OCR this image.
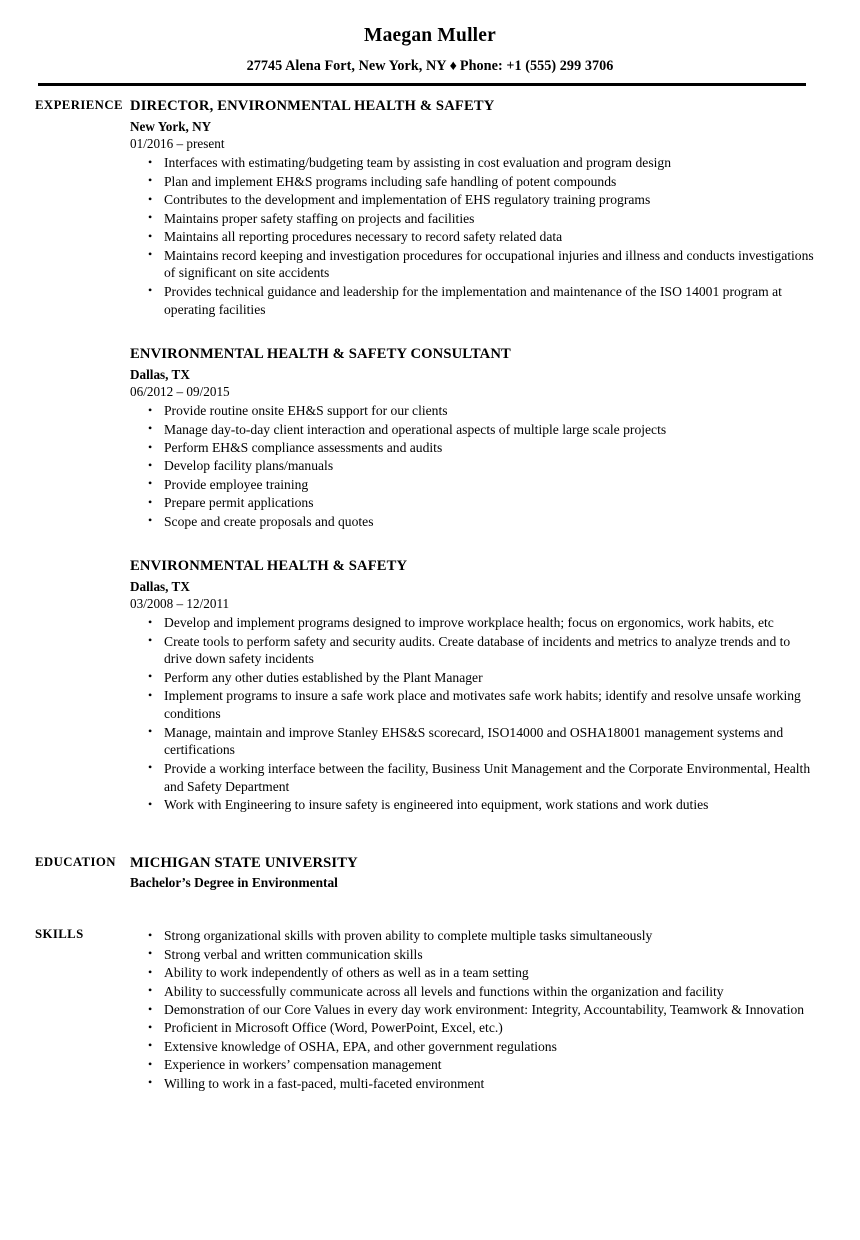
Maegan Muller
27745 Alena Fort, New York, NY ♦ Phone: +1 (555) 299 3706
EXPERIENCE DIRECTOR, ENVIRONMENTAL HEALTH & SAFETY
New York, NY
01/2016 – present
• Interfaces with estimating/budgeting team by assisting in cost evaluation and program design
• Plan and implement EH&S programs including safe handling of potent compounds
• Contributes to the development and implementation of EHS regulatory training programs
• Maintains proper safety staffing on projects and facilities
• Maintains all reporting procedures necessary to record safety related data
• Maintains record keeping and investigation procedures for occupational injuries and illness and conducts investigations of significant on site accidents
• Provides technical guidance and leadership for the implementation and maintenance of the ISO 14001 program at operating facilities
ENVIRONMENTAL HEALTH & SAFETY CONSULTANT
Dallas, TX
06/2012 – 09/2015
• Provide routine onsite EH&S support for our clients
• Manage day-to-day client interaction and operational aspects of multiple large scale projects
• Perform EH&S compliance assessments and audits
• Develop facility plans/manuals
• Provide employee training
• Prepare permit applications
• Scope and create proposals and quotes
ENVIRONMENTAL HEALTH & SAFETY
Dallas, TX
03/2008 – 12/2011
• Develop and implement programs designed to improve workplace health; focus on ergonomics, work habits, etc
• Create tools to perform safety and security audits. Create database of incidents and metrics to analyze trends and to drive down safety incidents
• Perform any other duties established by the Plant Manager
• Implement programs to insure a safe work place and motivates safe work habits; identify and resolve unsafe working conditions
• Manage, maintain and improve Stanley EHS&S scorecard, ISO14000 and OSHA18001 management systems and certifications
• Provide a working interface between the facility, Business Unit Management and the Corporate Environmental, Health and Safety Department
• Work with Engineering to insure safety is engineered into equipment, work stations and work duties
EDUCATION MICHIGAN STATE UNIVERSITY
Bachelor’s Degree in Environmental
SKILLS	• Strong organizational skills with proven ability to complete multiple tasks simultaneously
• Strong verbal and written communication skills
• Ability to work independently of others as well as in a team setting
• Ability to successfully communicate across all levels and functions within the organization and facility
• Demonstration of our Core Values in every day work environment: Integrity, Accountability, Teamwork & Innovation
• Proficient in Microsoft Office (Word, PowerPoint, Excel, etc.)
• Extensive knowledge of OSHA, EPA, and other government regulations
• Experience in workers’ compensation management
• Willing to work in a fast-paced, multi-faceted environment
